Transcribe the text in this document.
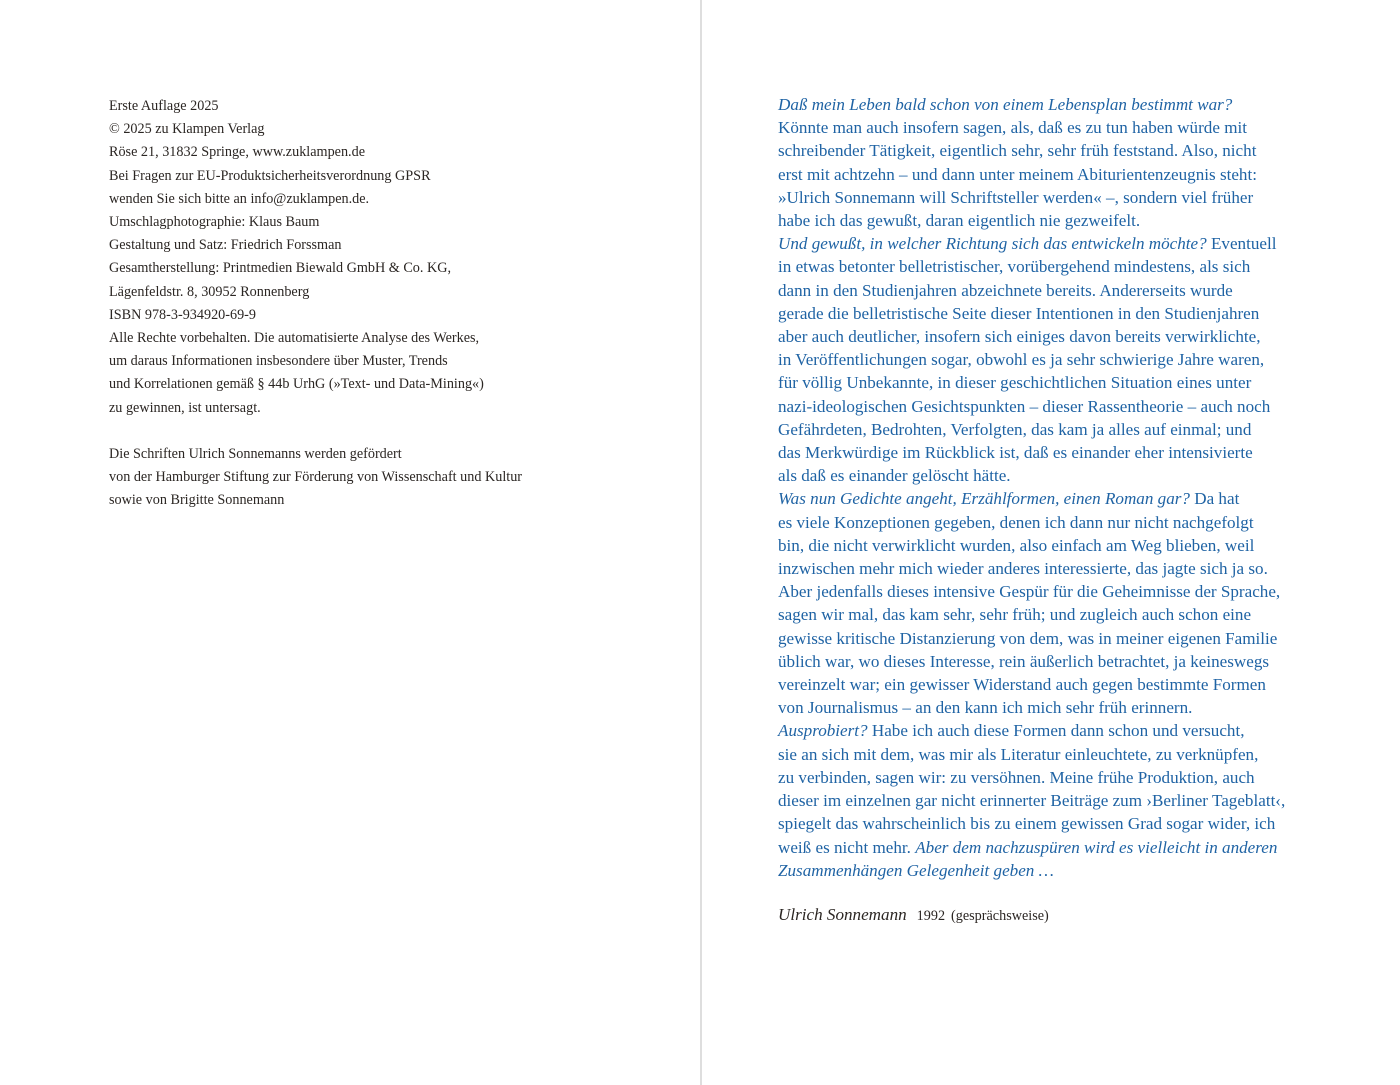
Erste Auflage 2025
© 2025 zu Klampen Verlag
Röse 21, 31832 Springe, www.zuklampen.de
Bei Fragen zur EU-Produktsicherheitsverordnung GPSR
wenden Sie sich bitte an info@zuklampen.de.
Umschlagphotographie: Klaus Baum
Gestaltung und Satz: Friedrich Forssman
Gesamtherstellung: Printmedien Biewald GmbH & Co. KG,
Lägenfeldstr. 8, 30952 Ronnenberg
ISBN 978-3-934920-69-9
Alle Rechte vorbehalten. Die automatisierte Analyse des Werkes,
um daraus Informationen insbesondere über Muster, Trends
und Korrelationen gemäß § 44b UrhG (»Text- und Data-Mining«)
zu gewinnen, ist untersagt.
Die Schriften Ulrich Sonnemanns werden gefördert
von der Hamburger Stiftung zur Förderung von Wissenschaft und Kultur
sowie von Brigitte Sonnemann
Daß mein Leben bald schon von einem Lebensplan bestimmt war?
Könnte man auch insofern sagen, als, daß es zu tun haben würde mit
schreibender Tätigkeit, eigentlich sehr, sehr früh feststand. Also, nicht
erst mit achtzehn – und dann unter meinem Abiturientenzeugnis steht:
»Ulrich Sonnemann will Schriftsteller werden« –, sondern viel früher
habe ich das gewußt, daran eigentlich nie gezweifelt.
Und gewußt, in welcher Richtung sich das entwickeln möchte? Eventuell
in etwas betonter belletristischer, vorübergehend mindestens, als sich
dann in den Studienjahren abzeichnete bereits. Andererseits wurde
gerade die belletristische Seite dieser Intentionen in den Studienjahren
aber auch deutlicher, insofern sich einiges davon bereits verwirklichte,
in Veröffentlichungen sogar, obwohl es ja sehr schwierige Jahre waren,
für völlig Unbekannte, in dieser geschichtlichen Situation eines unter
nazi-ideologischen Gesichtspunkten – dieser Rassentheorie – auch noch
Gefährdeten, Bedrohten, Verfolgten, das kam ja alles auf einmal; und
das Merkwürdige im Rückblick ist, daß es einander eher intensivierte
als daß es einander gelöscht hätte.
Was nun Gedichte angeht, Erzählformen, einen Roman gar? Da hat
es viele Konzeptionen gegeben, denen ich dann nur nicht nachgefolgt
bin, die nicht verwirklicht wurden, also einfach am Weg blieben, weil
inzwischen mehr mich wieder anderes interessierte, das jagte sich ja so.
Aber jedenfalls dieses intensive Gespür für die Geheimnisse der Sprache,
sagen wir mal, das kam sehr, sehr früh; und zugleich auch schon eine
gewisse kritische Distanzierung von dem, was in meiner eigenen Familie
üblich war, wo dieses Interesse, rein äußerlich betrachtet, ja keineswegs
vereinzelt war; ein gewisser Widerstand auch gegen bestimmte Formen
von Journalismus – an den kann ich mich sehr früh erinnern.
Ausprobiert? Habe ich auch diese Formen dann schon und versucht,
sie an sich mit dem, was mir als Literatur einleuchtete, zu verknüpfen,
zu verbinden, sagen wir: zu versöhnen. Meine frühe Produktion, auch
dieser im einzelnen gar nicht erinnerter Beiträge zum ›Berliner Tageblatt‹,
spiegelt das wahrscheinlich bis zu einem gewissen Grad sogar wider, ich
weiß es nicht mehr. Aber dem nachzuspüren wird es vielleicht in anderen
Zusammenhängen Gelegenheit geben …
Ulrich Sonnemann 1992 (gesprächsweise)
